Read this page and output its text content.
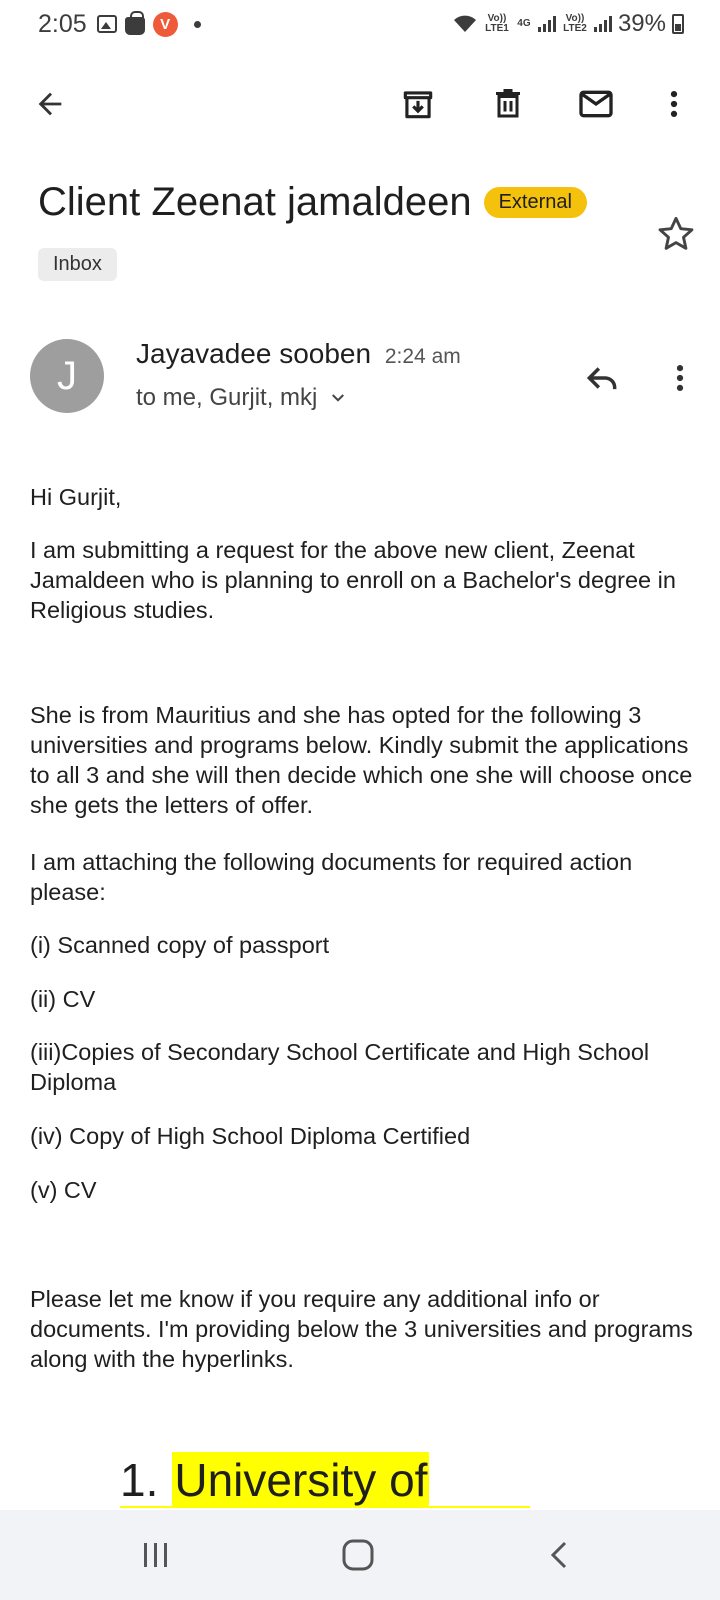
2:05	V	Vo)) LTE1 4G	Vo)) LTE2 39%
Client Zeenat jamaldeen	External
Inbox
J	Jayavadee sooben 2:24 am
to me, Gurjit, mkj
Hi Gurjit,
I am submitting a request for the above new client, Zeenat Jamaldeen who is planning to enroll on a Bachelor's degree in Religious studies.
She is from Mauritius and she has opted for the following 3 universities and programs below. Kindly submit the applications to all 3 and she will then decide which one she will choose once she gets the letters of offer.
I am attaching the following documents for required action please:
(i) Scanned copy of passport
(ii) CV
(iii)Copies of Secondary School Certificate and High School Diploma
(iv) Copy of High School Diploma Certified
(v) CV
Please let me know if you require any additional info or documents. I'm providing below the 3 universities and programs along with the hyperlinks.
1. University of
